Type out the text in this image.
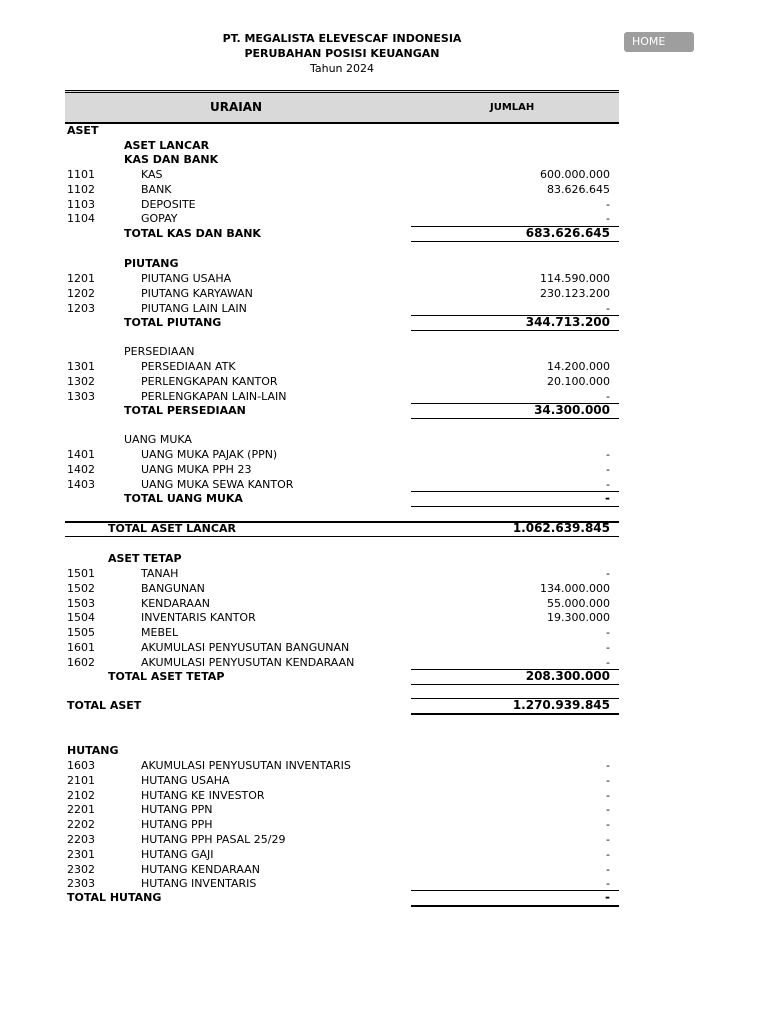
HOME
PT. MEGALISTA ELEVESCAF INDONESIA
PERUBAHAN POSISI KEUANGAN
Tahun 2024
URAIAN	JUMLAH
ASET
ASET LANCAR
KAS DAN BANK
1101	KAS	600.000.000
1102	BANK	83.626.645
1103	DEPOSITE	-
1104	GOPAY	-
TOTAL KAS DAN BANK	683.626.645
PIUTANG
1201	PIUTANG USAHA	114.590.000
1202	PIUTANG KARYAWAN	230.123.200
1203	PIUTANG LAIN LAIN	-
TOTAL PIUTANG	344.713.200
PERSEDIAAN
1301	PERSEDIAAN ATK	14.200.000
1302	PERLENGKAPAN KANTOR	20.100.000
1303	PERLENGKAPAN LAIN-LAIN	-
TOTAL PERSEDIAAN	34.300.000
UANG MUKA
1401	UANG MUKA PAJAK (PPN)	-
1402	UANG MUKA PPH 23	-
1403	UANG MUKA SEWA KANTOR	-
TOTAL UANG MUKA	-
TOTAL ASET LANCAR	1.062.639.845
ASET TETAP
1501	TANAH	-
1502	BANGUNAN	134.000.000
1503	KENDARAAN	55.000.000
1504	INVENTARIS KANTOR	19.300.000
1505	MEBEL	-
1601	AKUMULASI PENYUSUTAN BANGUNAN	-
1602	AKUMULASI PENYUSUTAN KENDARAAN	-
TOTAL ASET TETAP	208.300.000
TOTAL ASET	1.270.939.845
HUTANG
1603	AKUMULASI PENYUSUTAN INVENTARIS	-
2101	HUTANG USAHA	-
2102	HUTANG KE INVESTOR	-
2201	HUTANG PPN	-
2202	HUTANG PPH	-
2203	HUTANG PPH PASAL 25/29	-
2301	HUTANG GAJI	-
2302	HUTANG KENDARAAN	-
2303	HUTANG INVENTARIS	-
TOTAL HUTANG	-
